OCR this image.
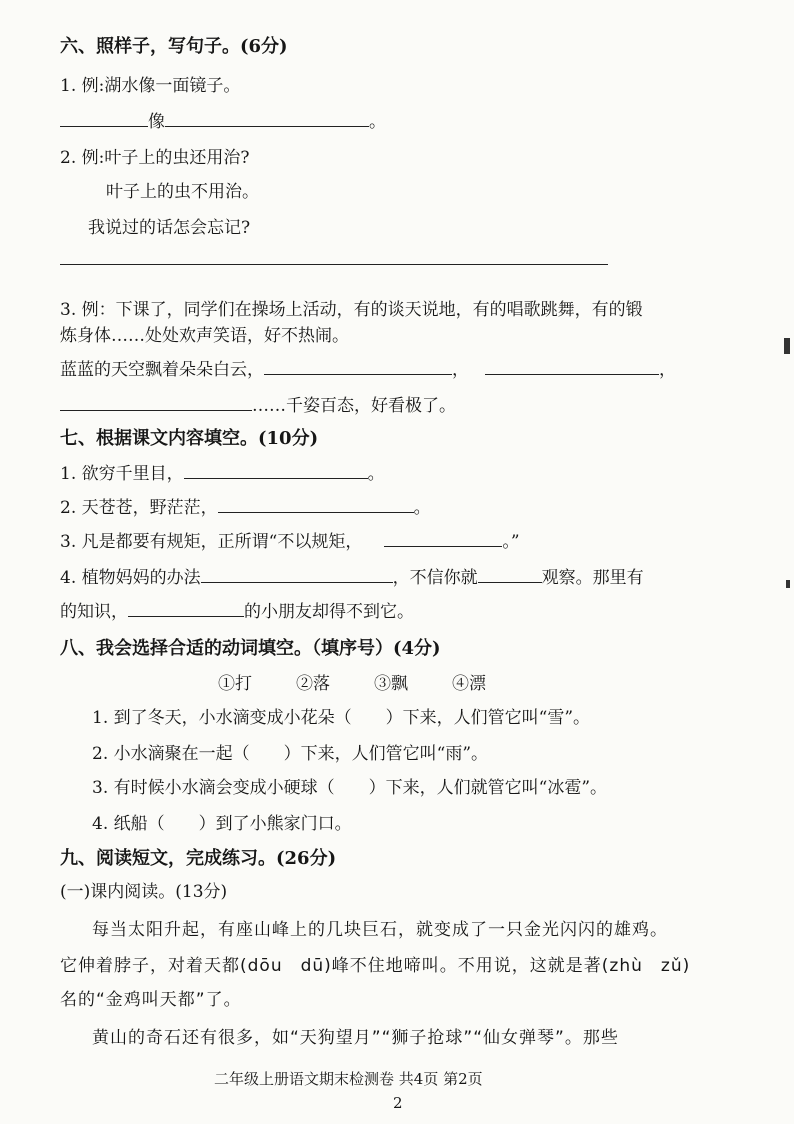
六、照样子，写句子。(6分)
1. 例:湖水像一面镜子。
像	。
2. 例:叶子上的虫还用治?
叶子上的虫不用治。
我说过的话怎会忘记?
3. 例：下课了，同学们在操场上活动，有的谈天说地，有的唱歌跳舞，有的锻
炼身体……处处欢声笑语，好不热闹。
蓝蓝的天空飘着朵朵白云，	，	，
……千姿百态，好看极了。
七、根据课文内容填空。(10分)
1. 欲穷千里目，	。
2. 天苍苍，野茫茫，	。
3. 凡是都要有规矩，正所谓“不以规矩，	。”
4. 植物妈妈的办法	，不信你就	观察。那里有
的知识，	的小朋友却得不到它。
八、我会选择合适的动词填空。（填序号）(4分)
①打	②落	③飘	④漂
1. 到了冬天，小水滴变成小花朵（　　）下来，人们管它叫“雪”。
2. 小水滴聚在一起（　　）下来，人们管它叫“雨”。
3. 有时候小水滴会变成小硬球（　　）下来，人们就管它叫“冰雹”。
4. 纸船（　　）到了小熊家门口。
九、阅读短文，完成练习。(26分)
(一)课内阅读。(13分)
每当太阳升起，有座山峰上的几块巨石，就变成了一只金光闪闪的雄鸡。
它伸着脖子，对着天都(dōu　dū)峰不住地啼叫。不用说，这就是著(zhù　zǔ)
名的“金鸡叫天都”了。
黄山的奇石还有很多，如“天狗望月”“狮子抢球”“仙女弹琴”。那些
二年级上册语文期末检测卷 共4页 第2页
2
